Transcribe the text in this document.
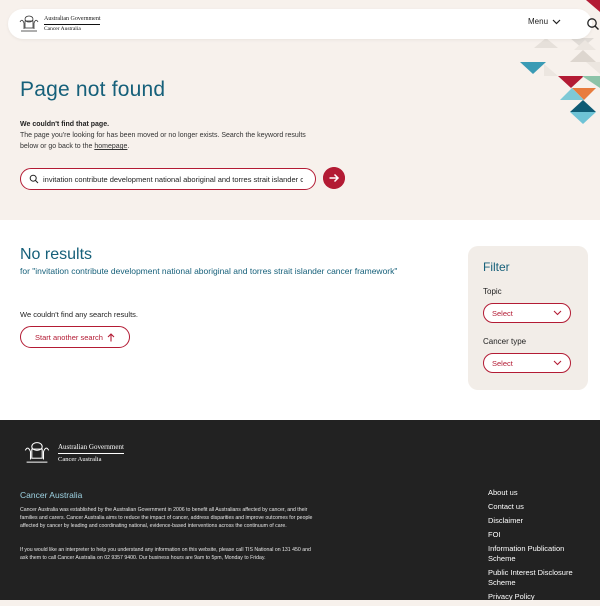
Australian Government
Cancer Australia
Menu
Page not found
We couldn't find that page.
The page you're looking for has been moved or no longer exists. Search the keyword results below or go back to the homepage.
invitation contribute development national aboriginal and torres strait islander cancer framework
No results
for "invitation contribute development national aboriginal and torres strait islander cancer framework"
We couldn't find any search results.
Start another search
Filter
Topic
Select
Cancer type
Select
Australian Government
Cancer Australia
Cancer Australia
Cancer Australia was established by the Australian Government in 2006 to benefit all Australians affected by cancer, and their families and carers. Cancer Australia aims to reduce the impact of cancer, address disparities and improve outcomes for people affected by cancer by leading and coordinating national, evidence-based interventions across the continuum of care.
If you would like an interpreter to help you understand any information on this website, please call TIS National on 131 450 and ask them to call Cancer Australia on 02 9357 9400. Our business hours are 9am to 5pm, Monday to Friday.
About us
Contact us
Disclaimer
FOI
Information Publication Scheme
Public Interest Disclosure Scheme
Privacy Policy
